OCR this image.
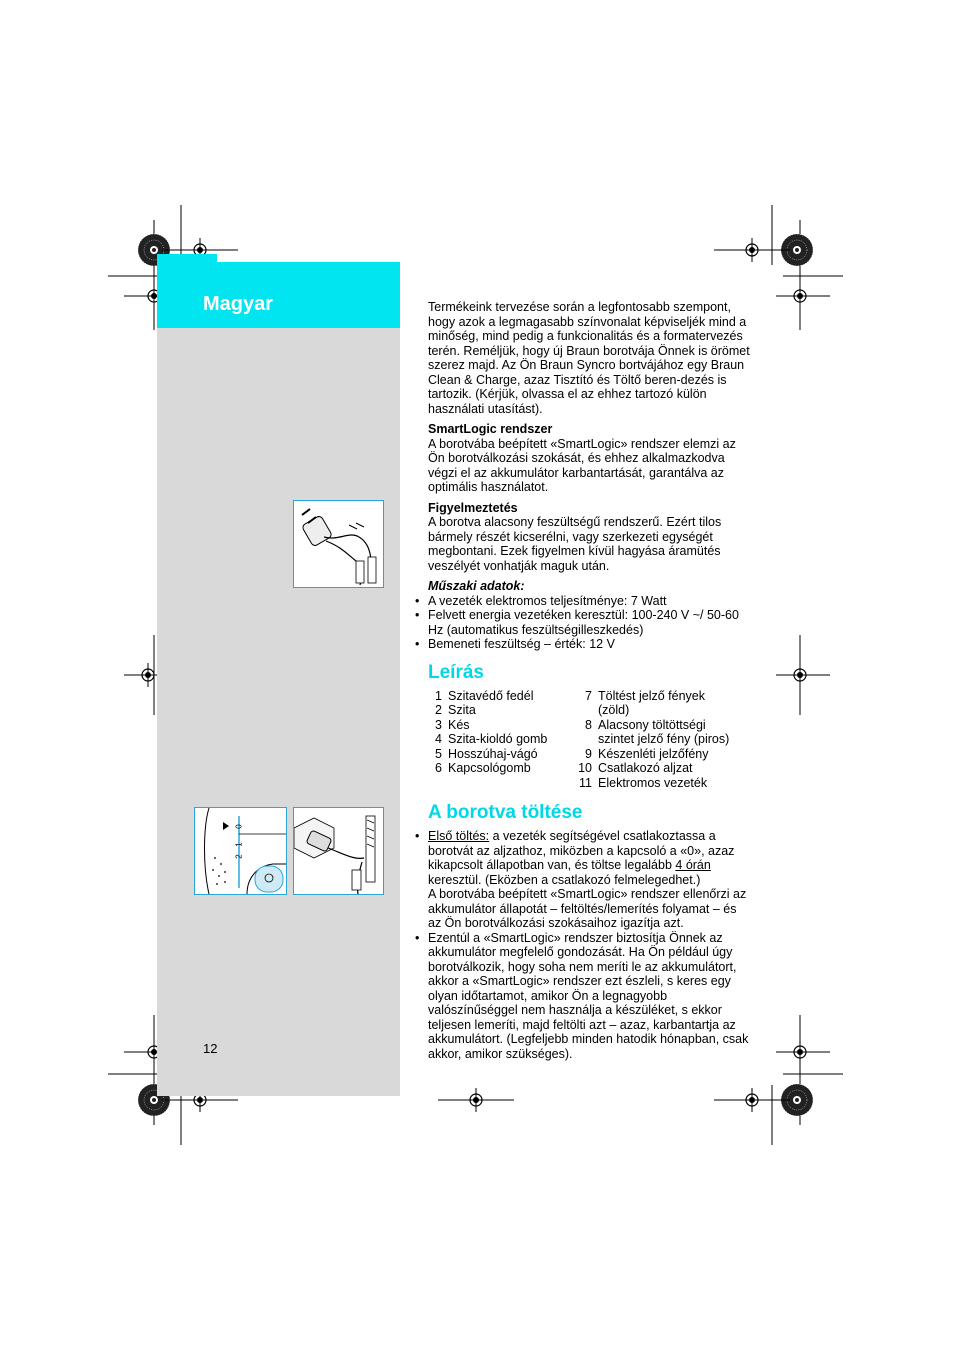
Magyar
0
1
2
12

Termékeink tervezése során a legfontosabb szempont, hogy azok a legmagasabb színvonalat képviseljék mind a minőség, mind pedig a funkcionalitás és a formatervezés terén. Reméljük, hogy új Braun borotvája Önnek is örömet szerez majd. Az Ön Braun Syncro bortvájához egy Braun Clean & Charge, azaz Tisztító és Töltő beren-dezés is tartozik. (Kérjük, olvassa el az ehhez tartozó külön használati utasítást).

SmartLogic rendszer

A borotvába beépített «SmartLogic» rendszer elemzi az Ön borotválkozási szokását, és ehhez alkalmazkodva végzi el az akkumulátor karbantartását, garantálva az optimális használatot.

Figyelmeztetés

A borotva alacsony feszültségű rendszerű. Ezért tilos bármely részét kicserélni, vagy szerkezeti egységét megbontani. Ezek figyelmen kívül hagyása áramütés veszélyét vonhatják maguk után.

Műszaki adatok:

• A vezeték elektromos teljesítménye: 7 Watt
• Felvett energia vezetéken keresztül: 100-240 V ~/ 50-60 Hz (automatikus feszültségilleszkedés)
• Bemeneti feszültség – érték: 12 V

Leírás

1 Szitavédő fedél
2 Szita
3 Kés
4 Szita-kioldó gomb
5 Hosszúhaj-vágó
6 Kapcsológomb
7 Töltést jelző fények (zöld)
8 Alacsony töltöttségi
szintet jelző fény (piros)
9 Készenléti jelzőfény
10 Csatlakozó aljzat
11 Elektromos vezeték

A borotva töltése

• Első töltés: a vezeték segítségével csatlakoztassa a borotvát az aljzathoz, miközben a kapcsoló a «0», azaz kikapcsolt állapotban van, és töltse legalább 4 órán keresztül. (Eközben a csatlakozó felmelegedhet.)
A borotvába beépített «SmartLogic» rendszer ellenőrzi az akkumulátor állapotát – feltöltés/lemerítés folyamat – és az Ön borotválkozási szokásaihoz igazítja azt.
• Ezentúl a «SmartLogic» rendszer biztosítja Önnek az akkumulátor megfelelő gondozását. Ha Ön például úgy borotválkozik, hogy soha nem meríti le az akkumulátort, akkor a «SmartLogic» rendszer ezt észleli, s keres egy olyan időtartamot, amikor Ön a legnagyobb valószínűséggel nem használja a készüléket, s ekkor teljesen lemeríti, majd feltölti azt – azaz, karbantartja az akkumulátort. (Legfeljebb minden hatodik hónapban, csak akkor, amikor szükséges).
